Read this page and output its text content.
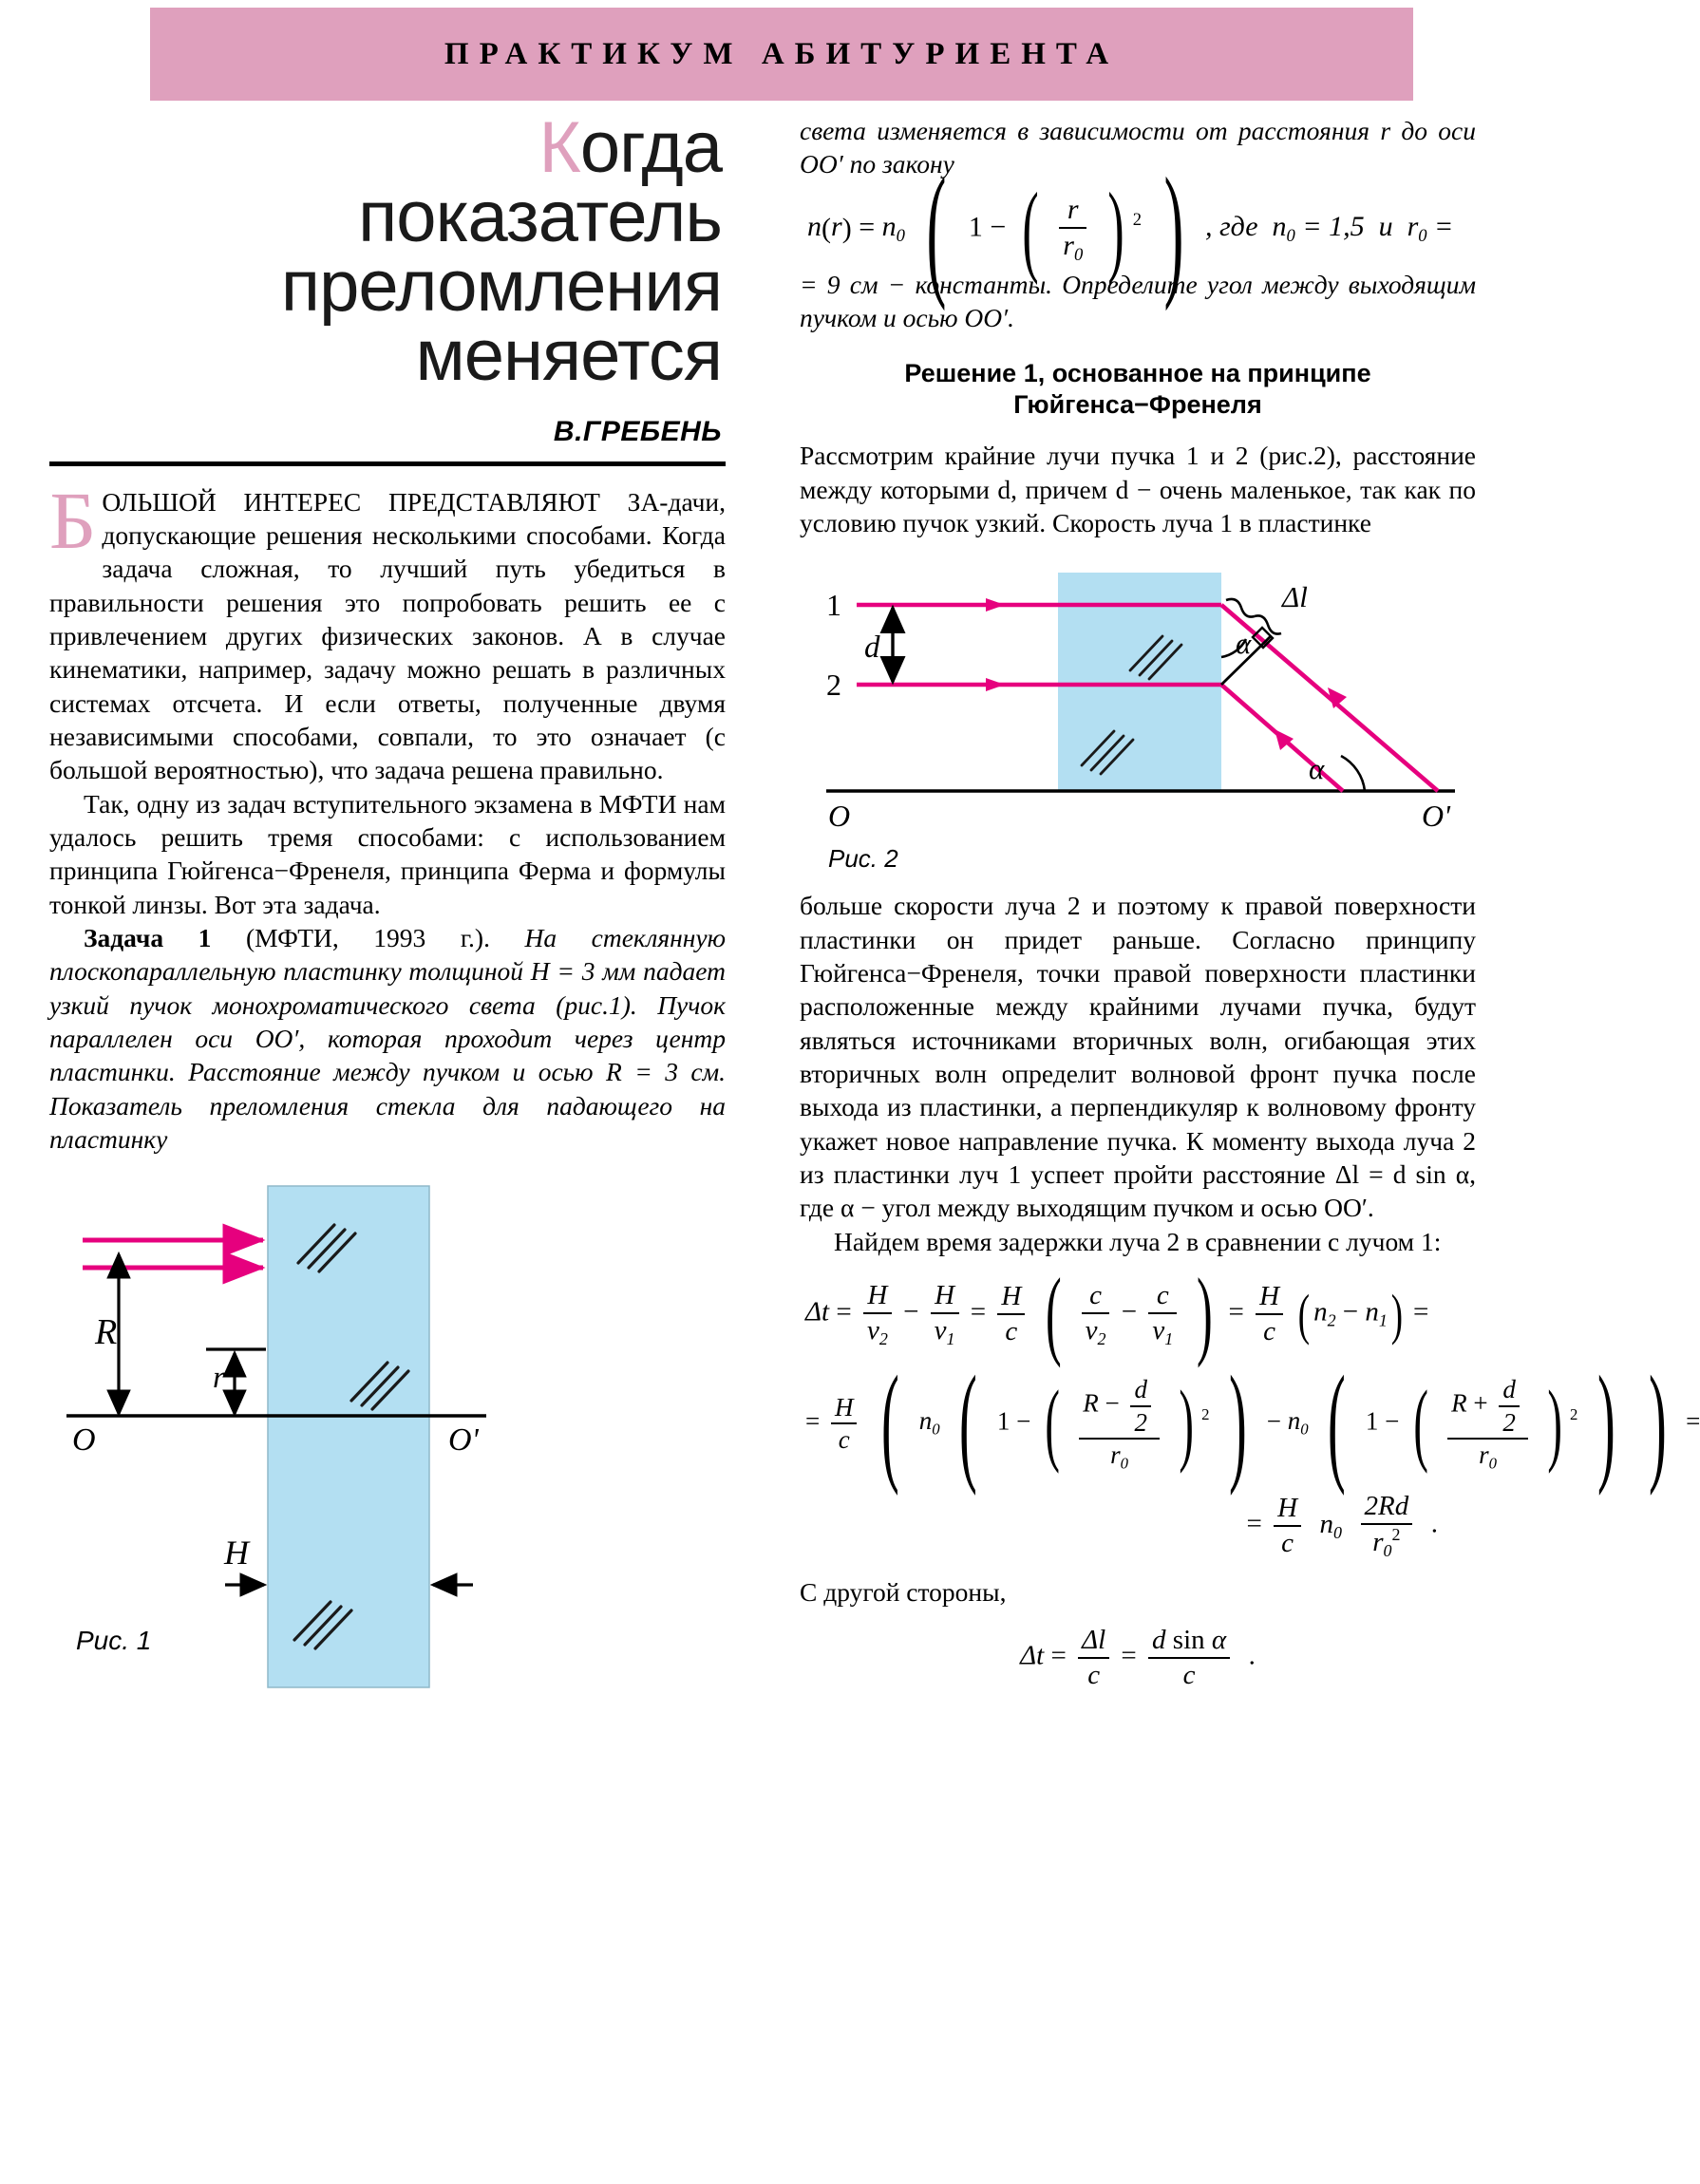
ПРАКТИКУМ АБИТУРИЕНТА
Когда
показатель
преломления
меняется
В.ГРЕБЕНЬ

БОЛЬШОЙ ИНТЕРЕС ПРЕДСТАВЛЯЮТ ЗА-дачи, допускающие решения несколькими способами. Когда задача сложная, то лучший путь убедиться в правильности решения это попробовать решить ее с привлечением других физических законов. А в случае кинематики, например, задачу можно решать в различных системах отсчета. И если ответы, полученные двумя независимыми способами, совпали, то это означает (с большой вероятностью), что задача решена правильно.

Так, одну из задач вступительного экзамена в МФТИ нам удалось решить тремя способами: с использованием принципа Гюйгенса−Френеля, принципа Ферма и формулы тонкой линзы. Вот эта задача.

Задача 1 (МФТИ, 1993 г.). На стеклянную плоскопараллельную пластинку толщиной H = 3 мм падает узкий пучок монохроматического света (рис.1). Пучок параллелен оси OO′, которая проходит через центр пластинки. Расстояние между пучком и осью R = 3 см. Показатель преломления стекла для падающего на пластинку

R
r
H
O	O'
Рис. 1

света изменяется в зависимости от расстояния r до оси OO′ по закону

$n(r) = n_0$ ( 1 − ( $\frac{r}{r_0}$ ) $^2$ ) , где  $n_0 = 1,5$  и  $r_0$ =

= 9 см − константы. Определите угол между выходящим пучком и осью OO′.

Решение 1, основанное на принципе
Гюйгенса−Френеля

Рассмотрим крайние лучи пучка 1 и 2 (рис.2), расстояние между которыми d, причем d − очень маленькое, так как по условию пучок узкий. Скорость луча 1 в пластинке

1
2
d
Δl
α
α
O	O'
Рис. 2

больше скорости луча 2 и поэтому к правой поверхности пластинки он придет раньше. Согласно принципу Гюйгенса−Френеля, точки правой поверхности пластинки расположенные между крайними лучами пучка, будут являться источниками вторичных волн, огибающая этих вторичных волн определит волновой фронт пучка после выхода из пластинки, а перпендикуляр к волновому фронту укажет новое направление пучка. К моменту выхода луча 2 из пластинки луч 1 успеет пройти расстояние Δl = d sin α, где α − угол между выходящим пучком и осью OO′.

Найдем время задержки луча 2 в сравнении с лучом 1:

$\Delta t = \frac{H}{v_2} - \frac{H}{v_1} = \frac{H}{c}$ ( $\frac{c}{v_2} - \frac{c}{v_1}$ ) = $\frac{H}{c}$ ( $n_2 - n_1$) =
= $\frac{H}{c}$ ( $n_0$ ( 1 − ( $\frac{R - \frac{d}{2}}{r_0}$ ) $^2$ ) − $n_0$ ( 1 − ( $\frac{R + \frac{d}{2}}{r_0}$ ) $^2$ ) ) =
= $\frac{H}{c} n_0 \frac{2Rd}{r_0^2}$ .

С другой стороны,

$\Delta t = \frac{\Delta l}{c} = \frac{\text{d sin α}}{c}$ .
